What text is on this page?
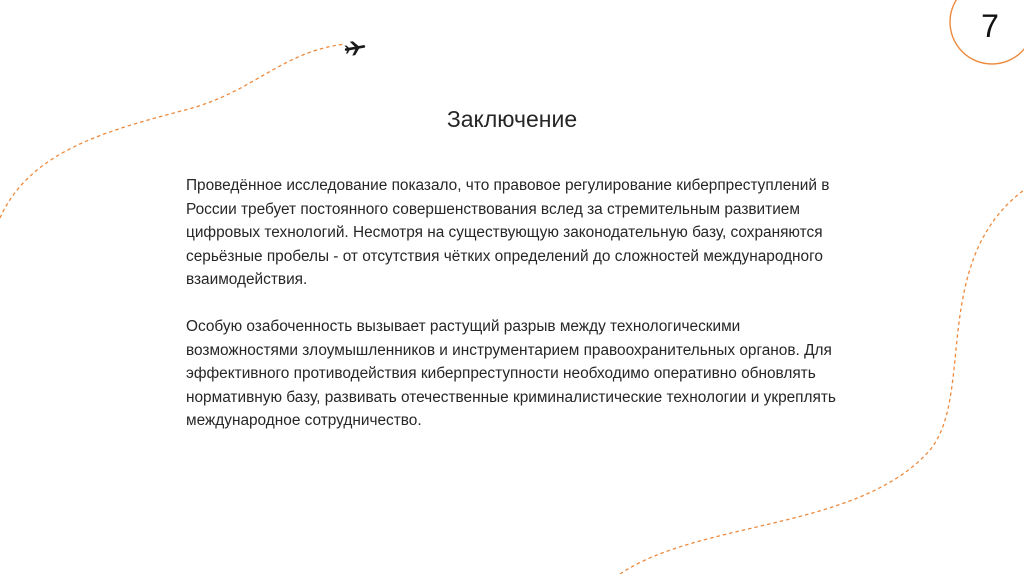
7
Заключение

Проведённое исследование показало, что правовое регулирование киберпреступлений в России требует постоянного совершенствования вслед за стремительным развитием цифровых технологий. Несмотря на существующую законодательную базу, сохраняются серьёзные пробелы - от отсутствия чётких определений до сложностей международного взаимодействия.

Особую озабоченность вызывает растущий разрыв между технологическими возможностями злоумышленников и инструментарием правоохранительных органов. Для эффективного противодействия киберпреступности необходимо оперативно обновлять нормативную базу, развивать отечественные криминалистические технологии и укреплять международное сотрудничество.
